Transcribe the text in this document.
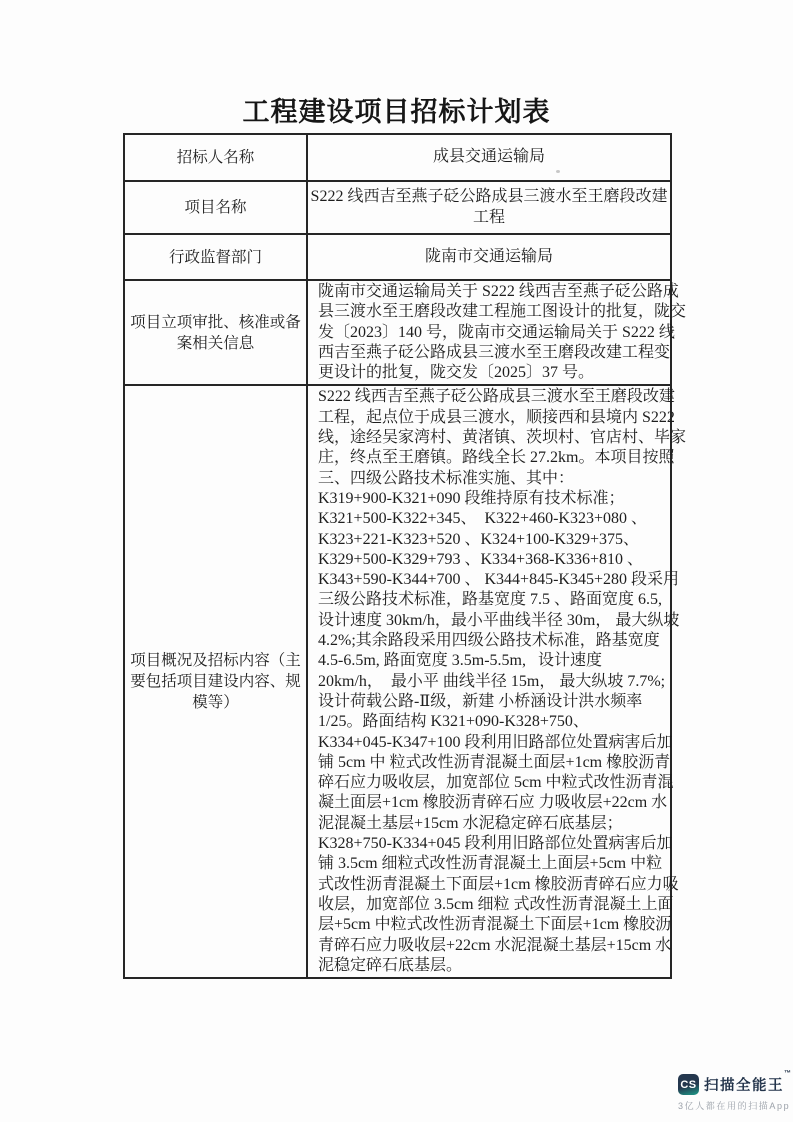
工程建设项目招标计划表
招标人名称	成县交通运输局
项目名称
S222 线西吉至燕子砭公路成县三渡水至王磨段改建
工程
行政监督部门	陇南市交通运输局
项目立项审批、核准或备
案相关信息
陇南市交通运输局关于 S222 线西吉至燕子砭公路成
县三渡水至王磨段改建工程施工图设计的批复，陇交
发〔2023〕140 号，陇南市交通运输局关于 S222 线
西吉至燕子砭公路成县三渡水至王磨段改建工程变
更设计的批复，陇交发〔2025〕37 号。
项目概况及招标内容（主
要包括项目建设内容、规
模等）
S222 线西吉至燕子砭公路成县三渡水至王磨段改建
工程，起点位于成县三渡水，顺接西和县境内 S222
线，途经吴家湾村、黄渚镇、茨坝村、官店村、毕家
庄，终点至王磨镇。路线全长 27.2km。本项目按照
三、四级公路技术标准实施、其中：
K319+900-K321+090 段维持原有技术标准；
K321+500-K322+345、  K322+460-K323+080 、
K323+221-K323+520 、K324+100-K329+375、
K329+500-K329+793 、K334+368-K336+810 、
K343+590-K344+700 、 K344+845-K345+280 段采用
三级公路技术标准，路基宽度 7.5 、路面宽度 6.5,
设计速度 30km/h，最小平曲线半径 30m， 最大纵坡
4.2%;其余路段采用四级公路技术标准，路基宽度
4.5-6.5m, 路面宽度 3.5m-5.5m,   设计速度
20km/h，  最小平 曲线半径 15m， 最大纵坡 7.7%;
设计荷载公路-Ⅱ级，新建 小桥涵设计洪水频率
1/25。路面结构 K321+090-K328+750、
K334+045-K347+100 段利用旧路部位处置病害后加
铺 5cm 中 粒式改性沥青混凝土面层+1cm 橡胶沥青
碎石应力吸收层，加宽部位 5cm 中粒式改性沥青混
凝土面层+1cm 橡胶沥青碎石应 力吸收层+22cm 水
泥混凝土基层+15cm 水泥稳定碎石底基层；
K328+750-K334+045 段利用旧路部位处置病害后加
铺 3.5cm 细粒式改性沥青混凝土上面层+5cm 中粒
式改性沥青混凝土下面层+1cm 橡胶沥青碎石应力吸
收层，加宽部位 3.5cm 细粒 式改性沥青混凝土上面
层+5cm 中粒式改性沥青混凝土下面层+1cm 橡胶沥
青碎石应力吸收层+22cm 水泥混凝土基层+15cm 水
泥稳定碎石底基层。
CS 扫描全能王™
3亿人都在用的扫描App
